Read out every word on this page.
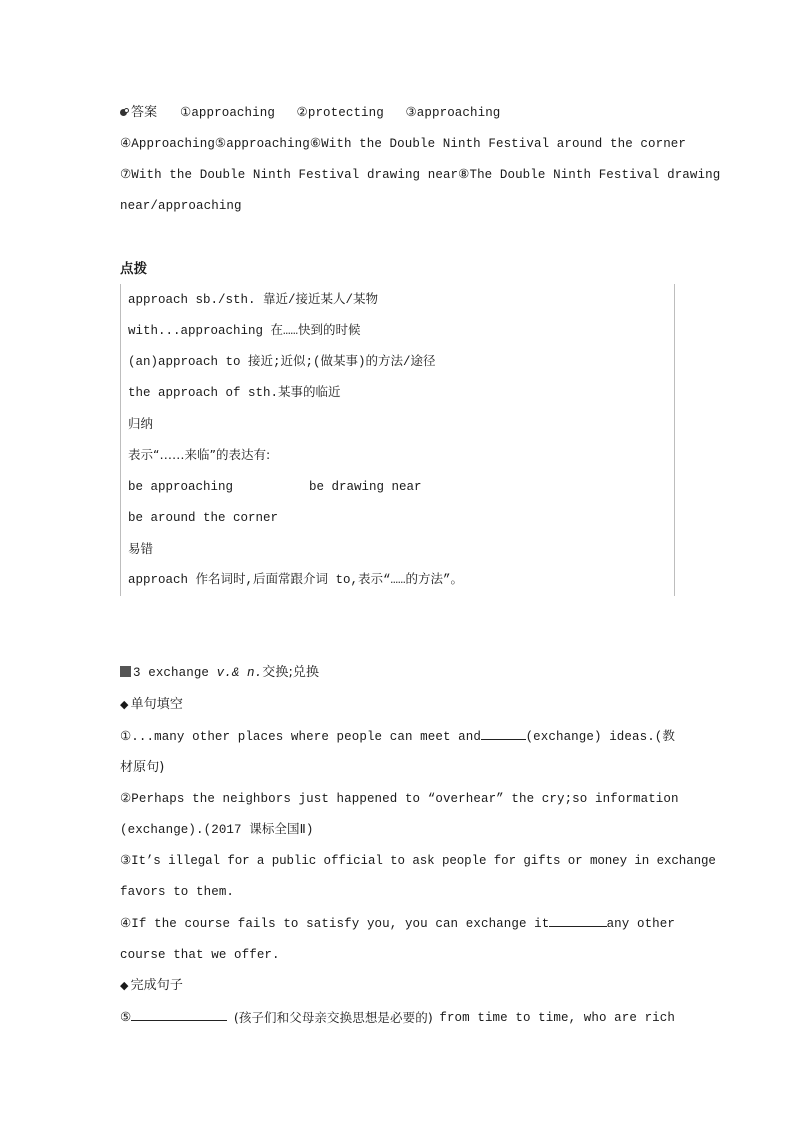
答案 ①approaching ②protecting ③approaching
④Approaching ⑤approaching ⑥With the Double Ninth Festival around the corner
⑦With the Double Ninth Festival drawing near ⑧The Double Ninth Festival drawing
near/approaching
点拨
approach sb./sth. 靠近/接近某人/某物
with...approaching 在……快到的时候
(an)approach to 接近;近似;(做某事)的方法/途径
the approach of sth.某事的临近
归纳
表示“……来临”的表达有:
be approaching	be drawing near
be around the corner
易错
approach 作名词时,后面常跟介词 to,表示“……的方法”。
3 exchange v.& n.交换;兑换
◆ 单句填空
①...many other places where people can meet and	(exchange) ideas.(教
材原句)
②Perhaps the neighbors just happened to “overhear” the cry;so information
(exchange).(2017 课标全国Ⅱ)
③It’s illegal for a public official to ask people for gifts or money in exchange
favors to them.
④If the course fails to satisfy you, you can exchange it	any other
course that we offer.
◆ 完成句子
⑤	(孩子们和父母亲交换思想是必要的) from time to time, who are rich
